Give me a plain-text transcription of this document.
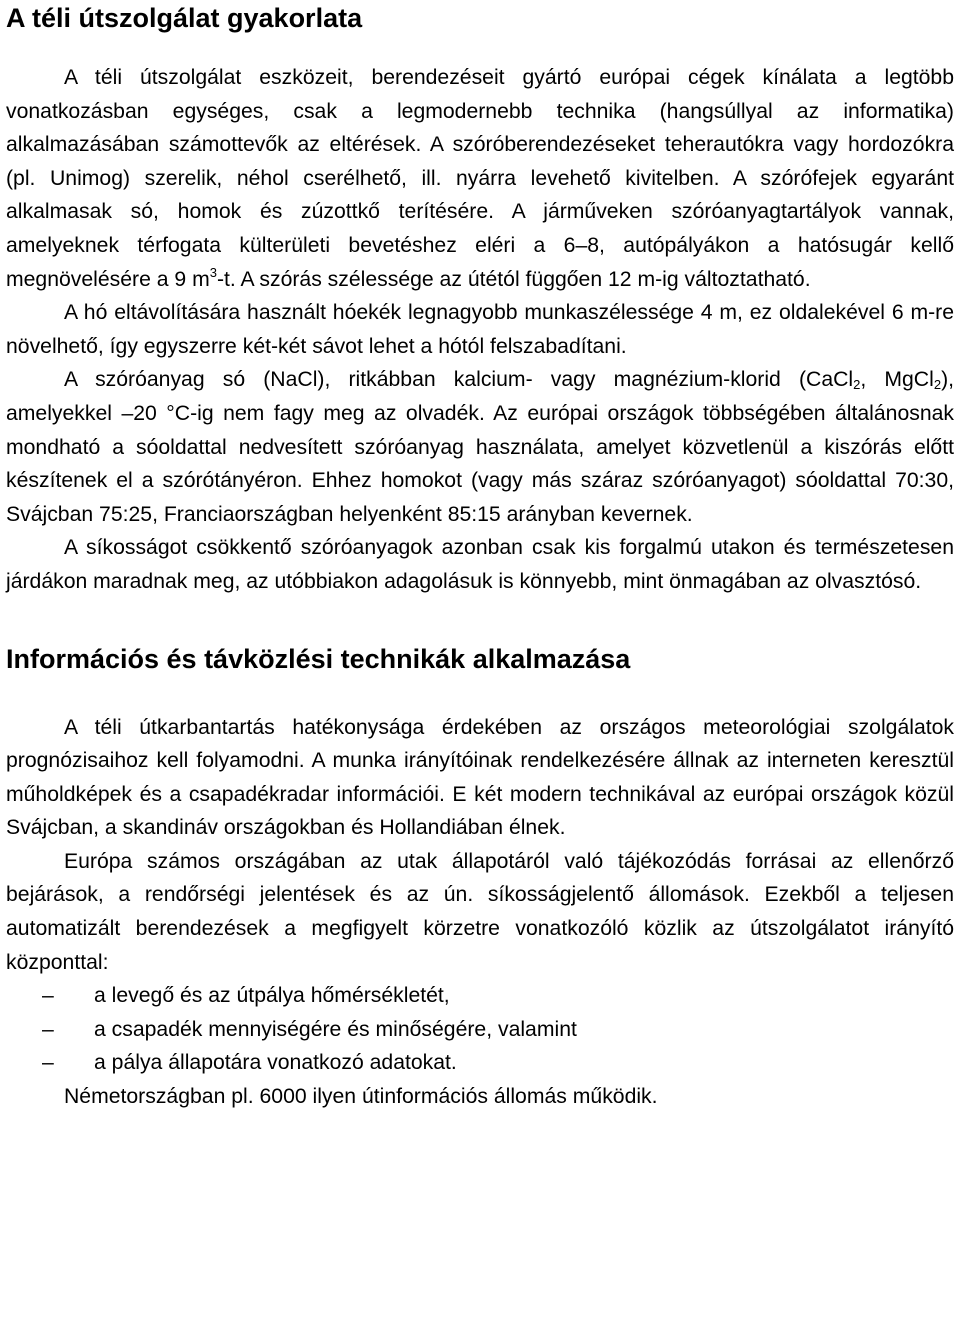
A téli útszolgálat gyakorlata

A téli útszolgálat eszközeit, berendezéseit gyártó európai cégek kínálata a legtöbb vonatkozásban egységes, csak a legmodernebb technika (hangsúllyal az informatika) alkalmazásában számottevők az eltérések. A szóróberendezéseket teherautókra vagy hordozókra (pl. Unimog) szerelik, néhol cserélhető, ill. nyárra levehető kivitelben. A szórófejek egyaránt alkalmasak só, homok és zúzottkő terítésére. A járműveken szóróanyagtartályok vannak, amelyeknek térfogata külterületi bevetéshez eléri a 6–8, autópályákon a hatósugár kellő megnövelésére a 9 $m^3-t$. A szórás szélessége az útétól függően 12 m-ig változtatható.

A hó eltávolítására használt hóekék legnagyobb munkaszélessége 4 m, ez oldalekével 6 m-re növelhető, így egyszerre két-két sávot lehet a hótól felszabadítani.

A szóróanyag só (NaCl), ritkábban kalcium- vagy magnézium-klorid (CaCl$_2$, MgCl$_2$), amelyekkel –20 °C-ig nem fagy meg az olvadék. Az európai országok többségében általánosnak mondható a sóoldattal nedvesített szóróanyag használata, amelyet közvetlenül a kiszórás előtt készítenek el a szórótányéron. Ehhez homokot (vagy más száraz szóróanyagot) sóoldattal 70:30, Svájcban 75:25, Franciaországban helyenként 85:15 arányban kevernek.

A síkosságot csökkentő szóróanyagok azonban csak kis forgalmú utakon és természetesen járdákon maradnak meg, az utóbbiakon adagolásuk is könnyebb, mint önmagában az olvasztósó.

Információs és távközlési technikák alkalmazása

A téli útkarbantartás hatékonysága érdekében az országos meteorológiai szolgálatok prognózisaihoz kell folyamodni. A munka irányítóinak rendelkezésére állnak az interneten keresztül műholdképek és a csapadékradar információi. E két modern technikával az európai országok közül Svájcban, a skandináv országokban és Hollandiában élnek.

Európa számos országában az utak állapotáról való tájékozódás forrásai az ellenőrző bejárások, a rendőrségi jelentések és az ún. síkosságjelentő állomások. Ezekből a teljesen automatizált berendezések a megfigyelt körzetre vonatkozóló közlik az útszolgálatot irányító központtal:

– a levegő és az útpálya hőmérsékletét,
– a csapadék mennyiségére és minőségére, valamint
– a pálya állapotára vonatkozó adatokat.

Németországban pl. 6000 ilyen útinformációs állomás működik.
